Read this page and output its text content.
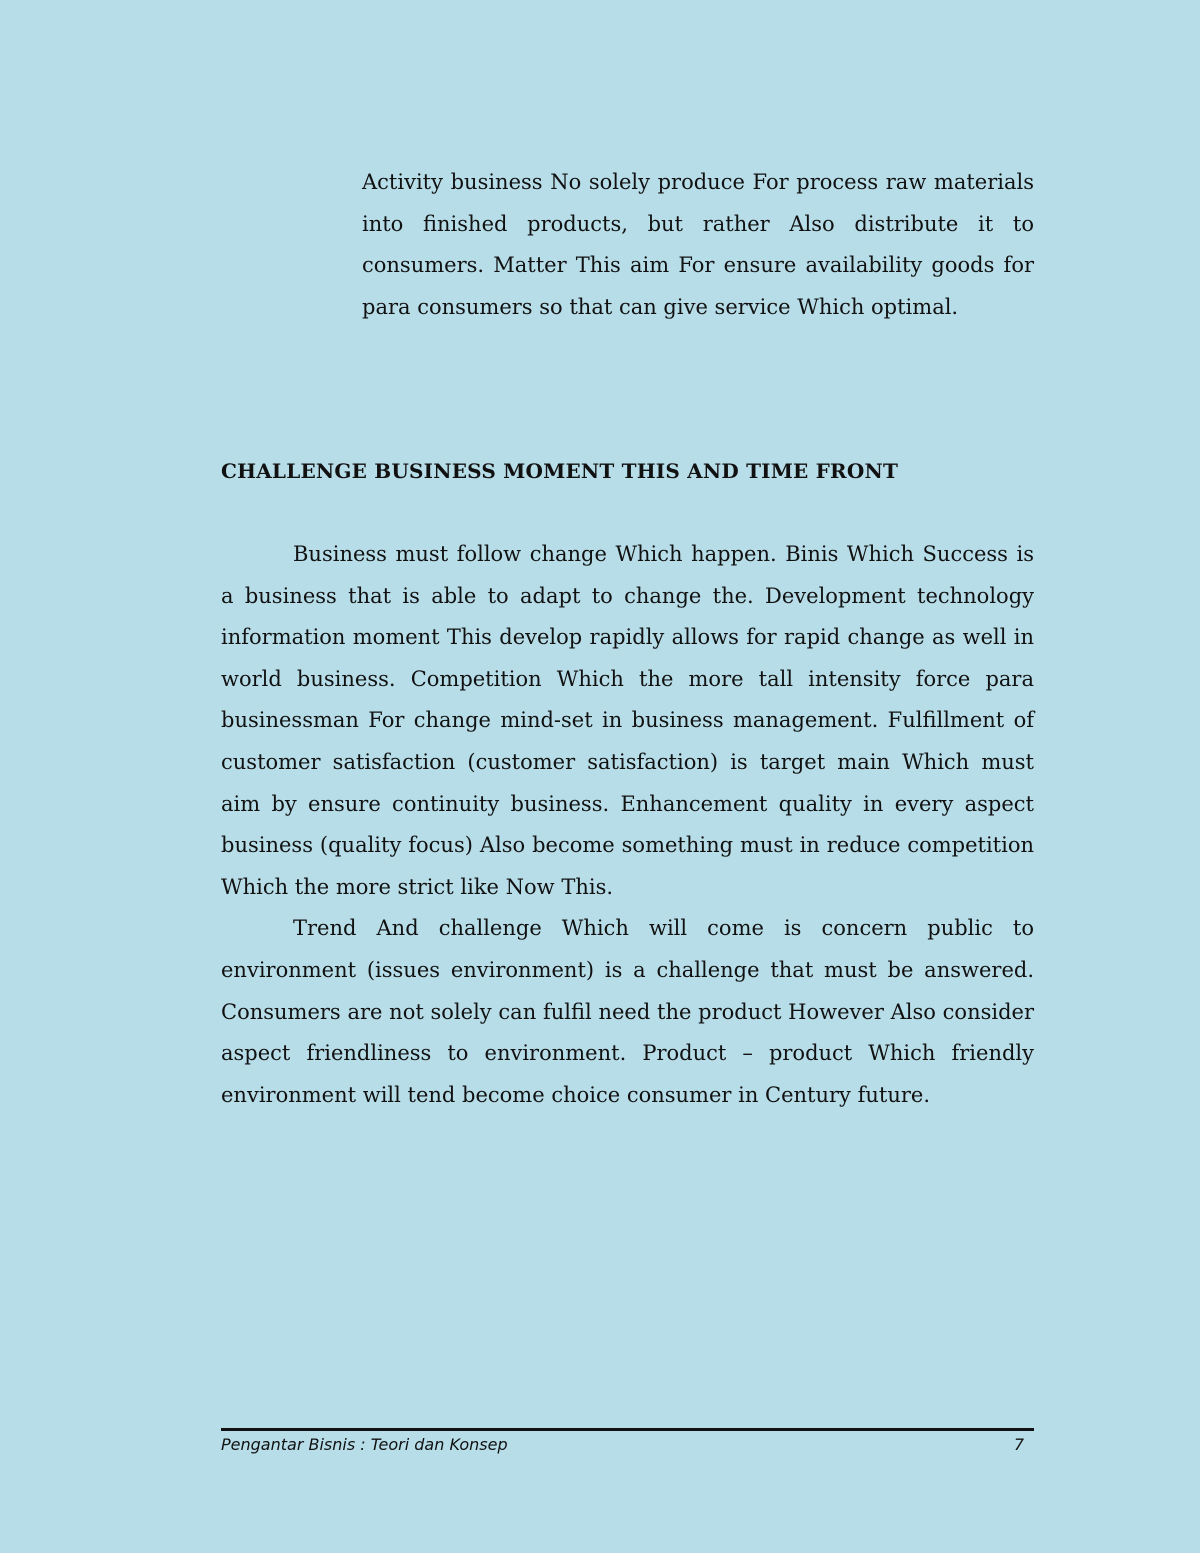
Activity business No solely produce For process raw materials into finished products, but rather Also distribute it to consumers. Matter This aim For ensure availability goods for para consumers so that can give service Which optimal.

CHALLENGE BUSINESS MOMENT THIS AND TIME FRONT

Business must follow change Which happen. Binis Which Success is a business that is able to adapt to change the. Development technology information moment This develop rapidly allows for rapid change as well in world business. Competition Which the more tall intensity force para businessman For change mind-set in business management. Fulfillment of customer satisfaction (customer satisfaction) is target main Which must aim by ensure continuity business. Enhancement quality in every aspect business (quality focus) Also become something must in reduce competition Which the more strict like Now This.

Trend And challenge Which will come is concern public to environment (issues environment) is a challenge that must be answered. Consumers are not solely can fulfil need the product However Also consider aspect friendliness to environment. Product – product Which friendly environment will tend become choice consumer in Century future.

Pengantar Bisnis : Teori dan Konsep	7
